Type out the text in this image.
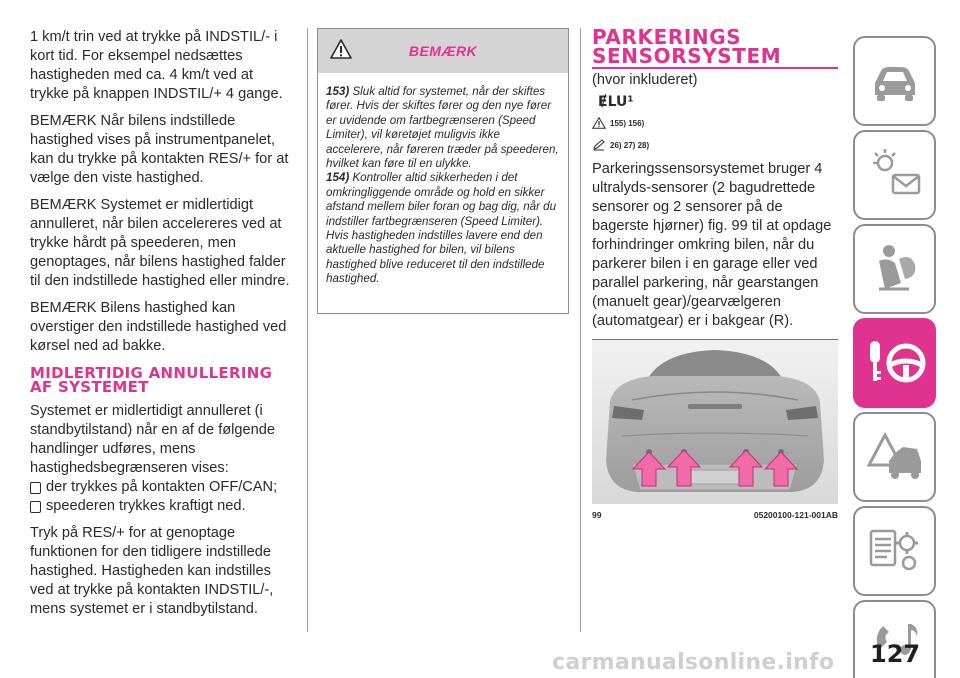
1 km/t trin ved at trykke på INDSTIL/- i kort tid. For eksempel nedsættes hastigheden med ca. 4 km/t ved at trykke på knappen INDSTIL/+ 4 gange.

BEMÆRK Når bilens indstillede hastighed vises på instrumentpanelet, kan du trykke på kontakten RES/+ for at vælge den viste hastighed.

BEMÆRK Systemet er midlertidigt annulleret, når bilen accelereres ved at trykke hårdt på speederen, men genoptages, når bilens hastighed falder til den indstillede hastighed eller mindre.

BEMÆRK Bilens hastighed kan overstiger den indstillede hastighed ved kørsel ned ad bakke.

MIDLERTIDIG ANNULLERING AF SYSTEMET

Systemet er midlertidigt annulleret (i standbytilstand) når en af de følgende handlinger udføres, mens hastighedsbegrænseren vises:

der trykkes på kontakten OFF/CAN;
speederen trykkes kraftigt ned.

Tryk på RES/+ for at genoptage funktionen for den tidligere indstillede hastighed. Hastigheden kan indstilles ved at trykke på kontakten INDSTIL/-, mens systemet er i standbytilstand.

BEMÆRK
153) Sluk altid for systemet, når der skiftes fører. Hvis der skiftes fører og den nye fører er uvidende om fartbegrænseren (Speed Limiter), vil køretøjet muligvis ikke accelerere, når føreren træder på speederen, hvilket kan føre til en ulykke.
154) Kontroller altid sikkerheden i det omkringliggende område og hold en sikker afstand mellem biler foran og bag dig, når du indstiller fartbegrænseren (Speed Limiter). Hvis hastigheden indstilles lavere end den aktuelle hastighed for bilen, vil bilens hastighed blive reduceret til den indstillede hastighed.
PARKERINGS
SENSORSYSTEM
(hvor inkluderet)
ɆLU¹
155) 156)
26) 27) 28)

Parkeringssensorsystemet bruger 4 ultralyds-sensorer (2 bagudrettede sensorer og 2 sensorer på de bagerste hjørner) fig. 99 til at opdage forhindringer omkring bilen, når du parkerer bilen i en garage eller ved parallel parkering, når gearstangen (manuelt gear)/gearvælgeren (automatgear) er i bakgear (R).

99	05200100-121-001AB
127
carmanualsonline.info
